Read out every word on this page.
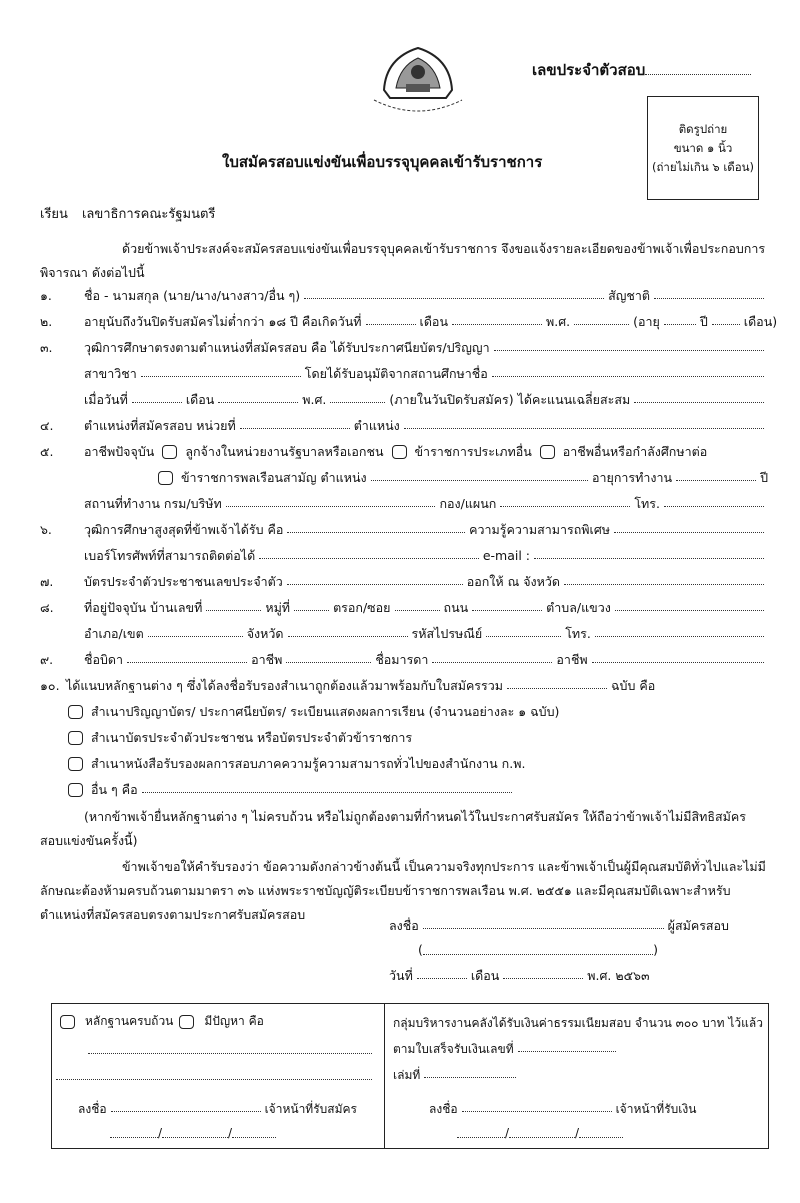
เลขประจำตัวสอบ
ติดรูปถ่าย
ขนาด ๑ นิ้ว
(ถ่ายไม่เกิน ๖ เดือน)
ใบสมัครสอบแข่งขันเพื่อบรรจุบุคคลเข้ารับราชการ
เรียน เลขาธิการคณะรัฐมนตรี
ด้วยข้าพเจ้าประสงค์จะสมัครสอบแข่งขันเพื่อบรรจุบุคคลเข้ารับราชการ จึงขอแจ้งรายละเอียดของข้าพเจ้าเพื่อประกอบการพิจารณา ดังต่อไปนี้
๑.	ชื่อ - นามสกุล (นาย/นาง/นางสาว/อื่น ๆ)	สัญชาติ
๒.	อายุนับถึงวันปิดรับสมัครไม่ต่ำกว่า ๑๘ ปี คือเกิดวันที่	เดือน	พ.ศ.	(อายุ	ปี	เดือน)
๓.	วุฒิการศึกษาตรงตามตำแหน่งที่สมัครสอบ คือ ได้รับประกาศนียบัตร/ปริญญา
สาขาวิชา	โดยได้รับอนุมัติจากสถานศึกษาชื่อ
เมื่อวันที่	เดือน	พ.ศ.	(ภายในวันปิดรับสมัคร) ได้คะแนนเฉลี่ยสะสม
๔.	ตำแหน่งที่สมัครสอบ หน่วยที่	ตำแหน่ง
๕.	อาชีพปัจจุบัน ลูกจ้างในหน่วยงานรัฐบาลหรือเอกชน ข้าราชการประเภทอื่น อาชีพอื่นหรือกำลังศึกษาต่อ
ข้าราชการพลเรือนสามัญ ตำแหน่ง	อายุการทำงาน	ปี
สถานที่ทำงาน กรม/บริษัท	กอง/แผนก	โทร.
๖.	วุฒิการศึกษาสูงสุดที่ข้าพเจ้าได้รับ คือ	ความรู้ความสามารถพิเศษ
เบอร์โทรศัพท์ที่สามารถติดต่อได้	e-mail :
๗.	บัตรประจำตัวประชาชนเลขประจำตัว	ออกให้ ณ จังหวัด
๘.	ที่อยู่ปัจจุบัน บ้านเลขที่	หมู่ที่	ตรอก/ซอย	ถนน	ตำบล/แขวง
อำเภอ/เขต	จังหวัด	รหัสไปรษณีย์	โทร.
๙.	ชื่อบิดา	อาชีพ	ชื่อมารดา	อาชีพ
๑๐. ได้แนบหลักฐานต่าง ๆ ซึ่งได้ลงชื่อรับรองสำเนาถูกต้องแล้วมาพร้อมกับใบสมัครรวม	ฉบับ คือ
สำเนาปริญญาบัตร/ ประกาศนียบัตร/ ระเบียนแสดงผลการเรียน (จำนวนอย่างละ ๑ ฉบับ)
สำเนาบัตรประจำตัวประชาชน หรือบัตรประจำตัวข้าราชการ
สำเนาหนังสือรับรองผลการสอบภาคความรู้ความสามารถทั่วไปของสำนักงาน ก.พ.
อื่น ๆ คือ
(หากข้าพเจ้ายื่นหลักฐานต่าง ๆ ไม่ครบถ้วน หรือไม่ถูกต้องตามที่กำหนดไว้ในประกาศรับสมัคร ให้ถือว่าข้าพเจ้าไม่มีสิทธิสมัครสอบแข่งขันครั้งนี้)
ข้าพเจ้าขอให้คำรับรองว่า ข้อความดังกล่าวข้างต้นนี้ เป็นความจริงทุกประการ และข้าพเจ้าเป็นผู้มีคุณสมบัติทั่วไปและไม่มีลักษณะต้องห้ามครบถ้วนตามมาตรา ๓๖ แห่งพระราชบัญญัติระเบียบข้าราชการพลเรือน พ.ศ. ๒๕๕๑ และมีคุณสมบัติเฉพาะสำหรับตำแหน่งที่สมัครสอบตรงตามประกาศรับสมัครสอบ
ลงชื่อ	ผู้สมัครสอบ
(	)
วันที่	เดือน	พ.ศ. ๒๕๖๓
หลักฐานครบถ้วน	มีปัญหา คือ
ลงชื่อ	เจ้าหน้าที่รับสมัคร
/	/
กลุ่มบริหารงานคลังได้รับเงินค่าธรรมเนียมสอบ จำนวน ๓๐๐ บาท ไว้แล้ว
ตามใบเสร็จรับเงินเลขที่
เล่มที่
ลงชื่อ	เจ้าหน้าที่รับเงิน
/	/
